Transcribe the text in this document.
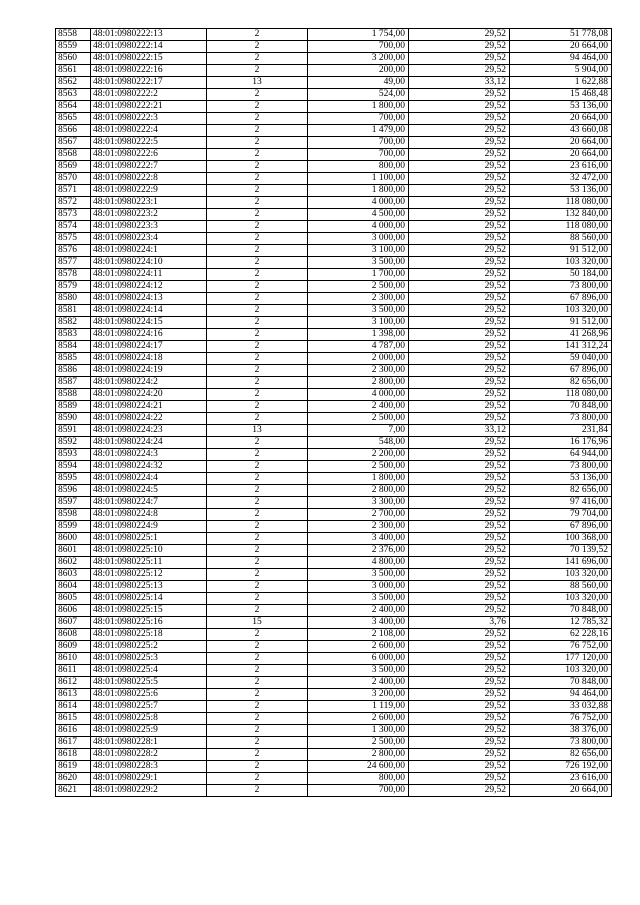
8558	48:01:0980222:13	2	1 754,00	29,52	51 778,08
8559	48:01:0980222:14	2	700,00	29,52	20 664,00
8560	48:01:0980222:15	2	3 200,00	29,52	94 464,00
8561	48:01:0980222:16	2	200,00	29,52	5 904,00
8562	48:01:0980222:17	13	49,00	33,12	1 622,88
8563	48:01:0980222:2	2	524,00	29,52	15 468,48
8564	48:01:0980222:21	2	1 800,00	29,52	53 136,00
8565	48:01:0980222:3	2	700,00	29,52	20 664,00
8566	48:01:0980222:4	2	1 479,00	29,52	43 660,08
8567	48:01:0980222:5	2	700,00	29,52	20 664,00
8568	48:01:0980222:6	2	700,00	29,52	20 664,00
8569	48:01:0980222:7	2	800,00	29,52	23 616,00
8570	48:01:0980222:8	2	1 100,00	29,52	32 472,00
8571	48:01:0980222:9	2	1 800,00	29,52	53 136,00
8572	48:01:0980223:1	2	4 000,00	29,52	118 080,00
8573	48:01:0980223:2	2	4 500,00	29,52	132 840,00
8574	48:01:0980223:3	2	4 000,00	29,52	118 080,00
8575	48:01:0980223:4	2	3 000,00	29,52	88 560,00
8576	48:01:0980224:1	2	3 100,00	29,52	91 512,00
8577	48:01:0980224:10	2	3 500,00	29,52	103 320,00
8578	48:01:0980224:11	2	1 700,00	29,52	50 184,00
8579	48:01:0980224:12	2	2 500,00	29,52	73 800,00
8580	48:01:0980224:13	2	2 300,00	29,52	67 896,00
8581	48:01:0980224:14	2	3 500,00	29,52	103 320,00
8582	48:01:0980224:15	2	3 100,00	29,52	91 512,00
8583	48:01:0980224:16	2	1 398,00	29,52	41 268,96
8584	48:01:0980224:17	2	4 787,00	29,52	141 312,24
8585	48:01:0980224:18	2	2 000,00	29,52	59 040,00
8586	48:01:0980224:19	2	2 300,00	29,52	67 896,00
8587	48:01:0980224:2	2	2 800,00	29,52	82 656,00
8588	48:01:0980224:20	2	4 000,00	29,52	118 080,00
8589	48:01:0980224:21	2	2 400,00	29,52	70 848,00
8590	48:01:0980224:22	2	2 500,00	29,52	73 800,00
8591	48:01:0980224:23	13	7,00	33,12	231,84
8592	48:01:0980224:24	2	548,00	29,52	16 176,96
8593	48:01:0980224:3	2	2 200,00	29,52	64 944,00
8594	48:01:0980224:32	2	2 500,00	29,52	73 800,00
8595	48:01:0980224:4	2	1 800,00	29,52	53 136,00
8596	48:01:0980224:5	2	2 800,00	29,52	82 656,00
8597	48:01:0980224:7	2	3 300,00	29,52	97 416,00
8598	48:01:0980224:8	2	2 700,00	29,52	79 704,00
8599	48:01:0980224:9	2	2 300,00	29,52	67 896,00
8600	48:01:0980225:1	2	3 400,00	29,52	100 368,00
8601	48:01:0980225:10	2	2 376,00	29,52	70 139,52
8602	48:01:0980225:11	2	4 800,00	29,52	141 696,00
8603	48:01:0980225:12	2	3 500,00	29,52	103 320,00
8604	48:01:0980225:13	2	3 000,00	29,52	88 560,00
8605	48:01:0980225:14	2	3 500,00	29,52	103 320,00
8606	48:01:0980225:15	2	2 400,00	29,52	70 848,00
8607	48:01:0980225:16	15	3 400,00	3,76	12 785,32
8608	48:01:0980225:18	2	2 108,00	29,52	62 228,16
8609	48:01:0980225:2	2	2 600,00	29,52	76 752,00
8610	48:01:0980225:3	2	6 000,00	29,52	177 120,00
8611	48:01:0980225:4	2	3 500,00	29,52	103 320,00
8612	48:01:0980225:5	2	2 400,00	29,52	70 848,00
8613	48:01:0980225:6	2	3 200,00	29,52	94 464,00
8614	48:01:0980225:7	2	1 119,00	29,52	33 032,88
8615	48:01:0980225:8	2	2 600,00	29,52	76 752,00
8616	48:01:0980225:9	2	1 300,00	29,52	38 376,00
8617	48:01:0980228:1	2	2 500,00	29,52	73 800,00
8618	48:01:0980228:2	2	2 800,00	29,52	82 656,00
8619	48:01:0980228:3	2	24 600,00	29,52	726 192,00
8620	48:01:0980229:1	2	800,00	29,52	23 616,00
8621	48:01:0980229:2	2	700,00	29,52	20 664,00
